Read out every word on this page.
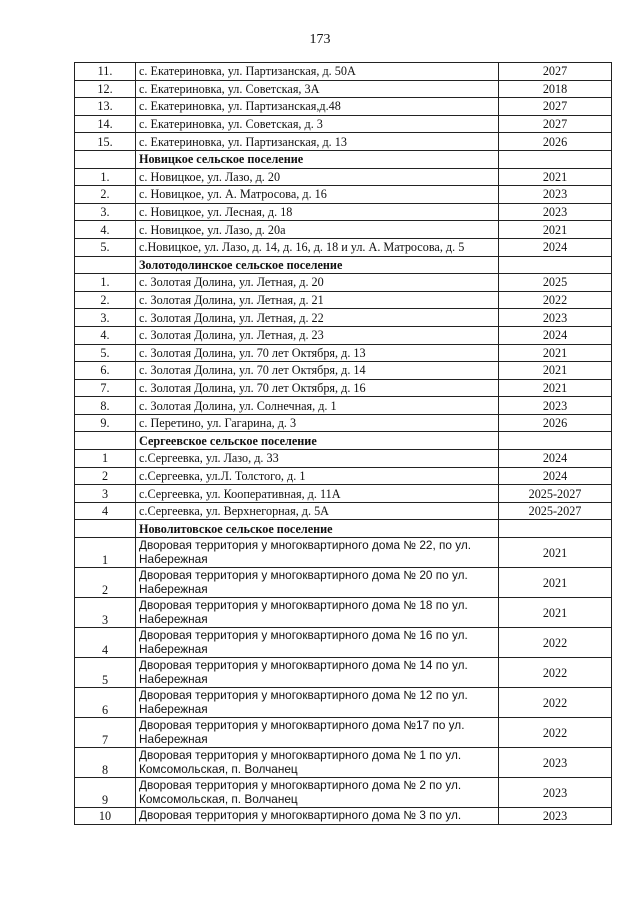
173
11.	с. Екатериновка, ул. Партизанская, д. 50А	2027
12.	с. Екатериновка, ул. Советская, 3А	2018
13.	с. Екатериновка, ул. Партизанская,д.48	2027
14.	с. Екатериновка, ул. Советская, д. 3	2027
15.	с. Екатериновка, ул. Партизанская, д. 13	2026
	Новицкое сельское поселение	
1.	с. Новицкое, ул. Лазо, д. 20	2021
2.	с. Новицкое, ул. А. Матросова, д. 16	2023
3.	с. Новицкое, ул. Лесная, д. 18	2023
4.	с. Новицкое, ул. Лазо, д. 20а	2021
5.	с.Новицкое, ул. Лазо, д. 14, д. 16, д. 18 и ул. А. Матросова, д. 5	2024
	Золотодолинское сельское поселение	
1.	с. Золотая Долина, ул. Летная, д. 20	2025
2.	с. Золотая Долина, ул. Летная, д. 21	2022
3.	с. Золотая Долина, ул. Летная, д. 22	2023
4.	с. Золотая Долина, ул. Летная, д. 23	2024
5.	с. Золотая Долина, ул. 70 лет Октября, д. 13	2021
6.	с. Золотая Долина, ул. 70 лет Октября, д. 14	2021
7.	с. Золотая Долина, ул. 70 лет Октября, д. 16	2021
8.	с. Золотая Долина, ул. Солнечная, д. 1	2023
9.	с. Перетино, ул. Гагарина, д. 3	2026
	Сергеевское сельское поселение	
1	с.Сергеевка, ул. Лазо, д. 33	2024
2	с.Сергеевка, ул.Л. Толстого, д. 1	2024
3	с.Сергеевка, ул. Кооперативная, д. 11А	2025-2027
4	с.Сергеевка, ул. Верхнегорная, д. 5А	2025-2027
	Новолитовское сельское поселение	
1	Дворовая территория у многоквартирного дома № 22, по ул. Набережная	2021
2	Дворовая территория у многоквартирного дома № 20 по ул. Набережная	2021
3	Дворовая территория у многоквартирного дома № 18 по ул. Набережная	2021
4	Дворовая территория у многоквартирного дома № 16 по ул. Набережная	2022
5	Дворовая территория у многоквартирного дома № 14 по ул. Набережная	2022
6	Дворовая территория у многоквартирного дома № 12 по ул. Набережная	2022
7	Дворовая территория у многоквартирного дома №17 по ул. Набережная	2022
8	Дворовая территория у многоквартирного дома № 1 по ул. Комсомольская, п. Волчанец	2023
9	Дворовая территория у многоквартирного дома № 2 по ул. Комсомольская, п. Волчанец	2023
10	Дворовая территория у многоквартирного дома № 3 по ул.	2023
